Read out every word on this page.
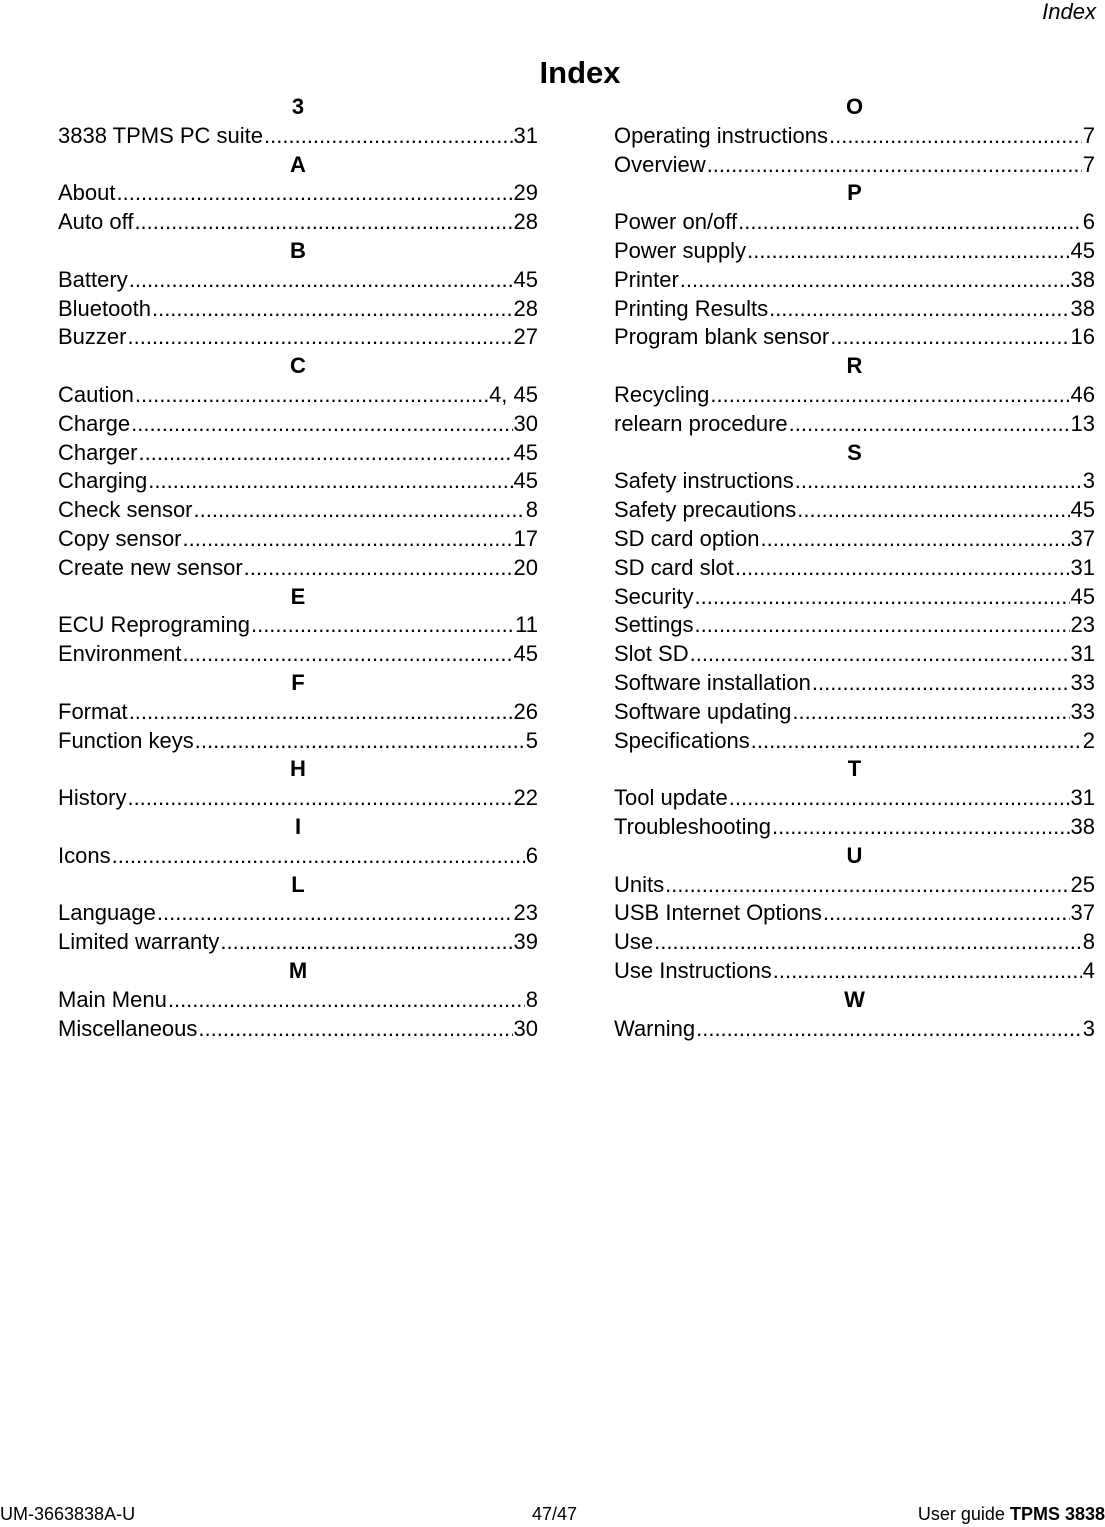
Index
Index
3
3838 TPMS PC suite .....	31
A
About .....	29
Auto off .....	28
B
Battery .....	45
Bluetooth .....	28
Buzzer .....	27
C
Caution .....	4, 45
Charge .....	30
Charger .....	45
Charging .....	45
Check sensor .....	8
Copy sensor .....	17
Create new sensor .....	20
E
ECU Reprograming .....	11
Environment .....	45
F
Format .....	26
Function keys .....	5
H
History .....	22
I
Icons .....	6
L
Language .....	23
Limited warranty .....	39
M
Main Menu .....	8
Miscellaneous .....	30
O
Operating instructions .....	7
Overview .....	7
P
Power on/off .....	6
Power supply .....	45
Printer .....	38
Printing Results .....	38
Program blank sensor .....	16
R
Recycling .....	46
relearn procedure .....	13
S
Safety instructions .....	3
Safety precautions .....	45
SD card option .....	37
SD card slot .....	31
Security .....	45
Settings .....	23
Slot SD .....	31
Software installation .....	33
Software updating .....	33
Specifications .....	2
T
Tool update .....	31
Troubleshooting .....	38
U
Units .....	25
USB Internet Options .....	37
Use .....	8
Use Instructions .....	4
W
Warning .....	3
UM-3663838A-U	47/47	User guide TPMS 3838
